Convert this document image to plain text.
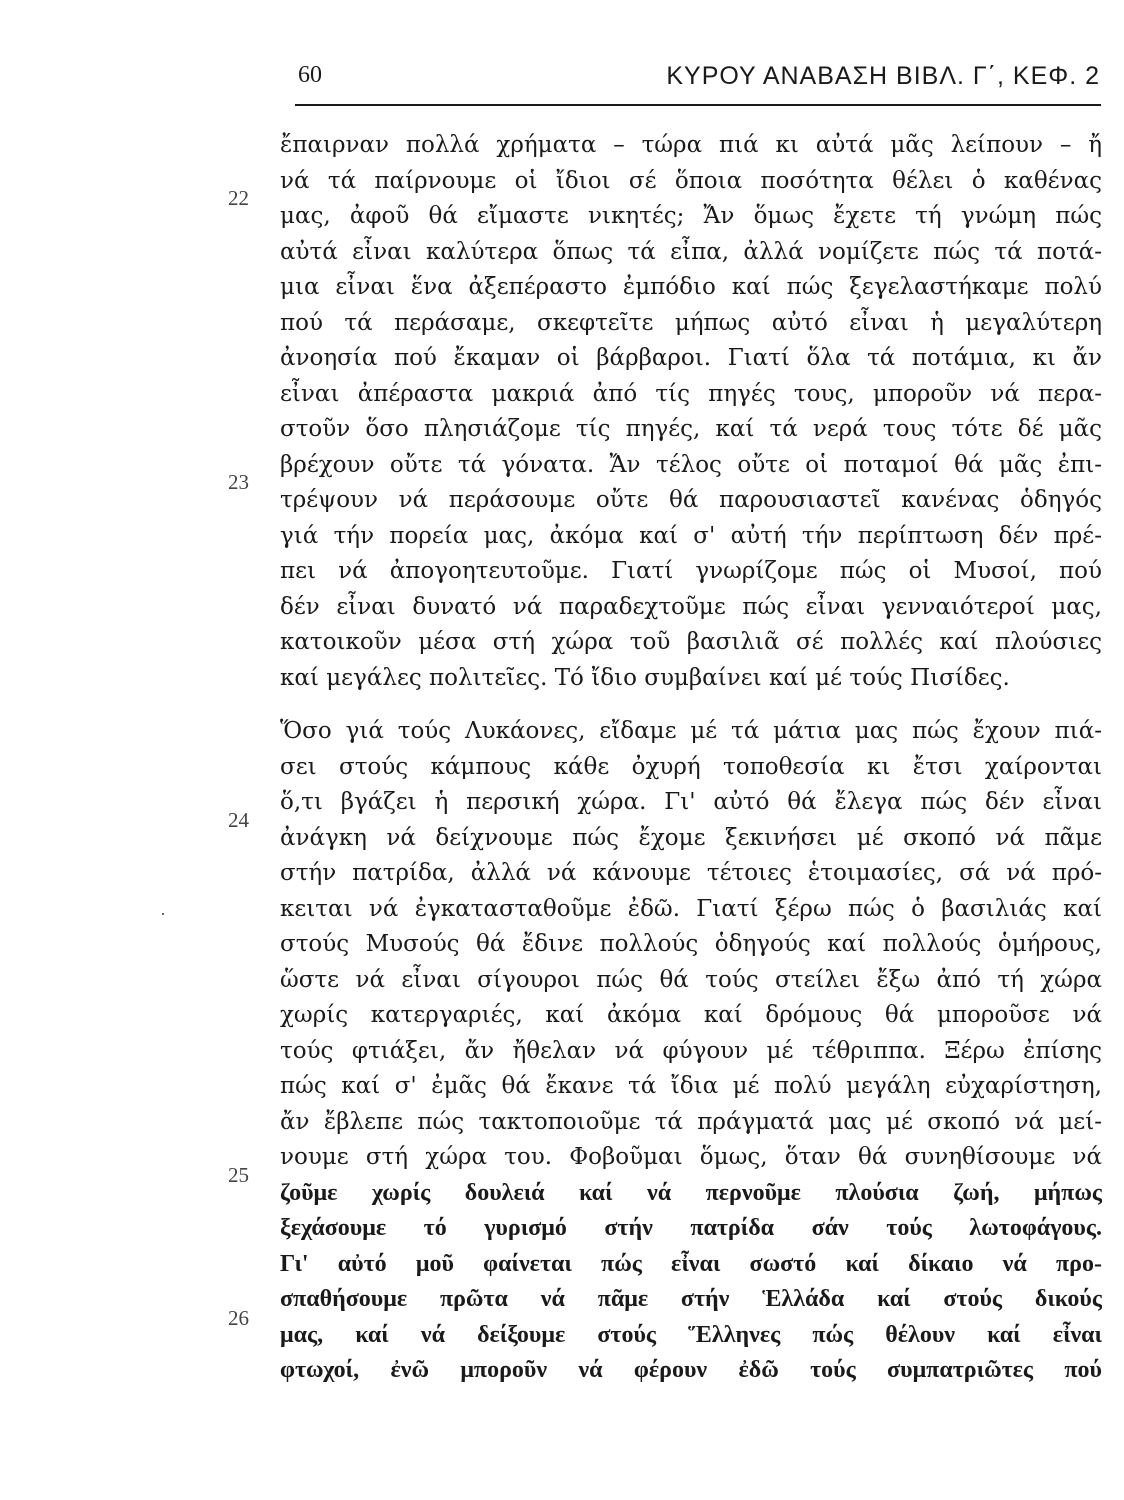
60	ΚΥΡΟΥ ΑΝΑΒΑΣΗ ΒΙΒΛ. Γ΄, ΚΕΦ. 2
22
23
24
25
26
ἔπαιρναν πολλά χρήματα – τώρα πιά κι αὐτά μᾶς λείπουν – ἤ
νά τά παίρνουμε οἱ ἴδιοι σέ ὅποια ποσότητα θέλει ὁ καθένας
μας, ἀφοῦ θά εἴμαστε νικητές; Ἄν ὅμως ἔχετε τή γνώμη πώς
αὐτά εἶναι καλύτερα ὅπως τά εἶπα, ἀλλά νομίζετε πώς τά ποτά-
μια εἶναι ἕνα ἀξεπέραστο ἐμπόδιο καί πώς ξεγελαστήκαμε πολύ
πού τά περάσαμε, σκεφτεῖτε μήπως αὐτό εἶναι ἡ μεγαλύτερη
ἀνοησία πού ἔκαμαν οἱ βάρβαροι. Γιατί ὅλα τά ποτάμια, κι ἄν
εἶναι ἀπέραστα μακριά ἀπό τίς πηγές τους, μποροῦν νά περα-
στοῦν ὅσο πλησιάζομε τίς πηγές, καί τά νερά τους τότε δέ μᾶς
βρέχουν οὔτε τά γόνατα. Ἄν τέλος οὔτε οἱ ποταμοί θά μᾶς ἐπι-
τρέψουν νά περάσουμε οὔτε θά παρουσιαστεῖ κανένας ὁδηγός
γιά τήν πορεία μας, ἀκόμα καί σ' αὐτή τήν περίπτωση δέν πρέ-
πει νά ἀπογοητευτοῦμε. Γιατί γνωρίζομε πώς οἱ Μυσοί, πού
δέν εἶναι δυνατό νά παραδεχτοῦμε πώς εἶναι γενναιότεροί μας,
κατοικοῦν μέσα στή χώρα τοῦ βασιλιᾶ σέ πολλές καί πλούσιες
καί μεγάλες πολιτεῖες. Τό ἴδιο συμβαίνει καί μέ τούς Πισίδες.
Ὅσο γιά τούς Λυκάονες, εἴδαμε μέ τά μάτια μας πώς ἔχουν πιά-
σει στούς κάμπους κάθε ὀχυρή τοποθεσία κι ἔτσι χαίρονται
ὅ,τι βγάζει ἡ περσική χώρα. Γι' αὐτό θά ἔλεγα πώς δέν εἶναι
ἀνάγκη νά δείχνουμε πώς ἔχομε ξεκινήσει μέ σκοπό νά πᾶμε
στήν πατρίδα, ἀλλά νά κάνουμε τέτοιες ἑτοιμασίες, σά νά πρό-
κειται νά ἐγκατασταθοῦμε ἐδῶ. Γιατί ξέρω πώς ὁ βασιλιάς καί
στούς Μυσούς θά ἔδινε πολλούς ὁδηγούς καί πολλούς ὁμήρους,
ὥστε νά εἶναι σίγουροι πώς θά τούς στείλει ἔξω ἀπό τή χώρα
χωρίς κατεργαριές, καί ἀκόμα καί δρόμους θά μποροῦσε νά
τούς φτιάξει, ἄν ἤθελαν νά φύγουν μέ τέθριππα. Ξέρω ἐπίσης
πώς καί σ' ἐμᾶς θά ἔκανε τά ἴδια μέ πολύ μεγάλη εὐχαρίστηση,
ἄν ἔβλεπε πώς τακτοποιοῦμε τά πράγματά μας μέ σκοπό νά μεί-
νουμε στή χώρα του. Φοβοῦμαι ὅμως, ὅταν θά συνηθίσουμε νά
ζοῦμε χωρίς δουλειά καί νά περνοῦμε πλούσια ζωή, μήπως
ξεχάσουμε τό γυρισμό στήν πατρίδα σάν τούς λωτοφάγους.
Γι' αὐτό μοῦ φαίνεται πώς εἶναι σωστό καί δίκαιο νά προ-
σπαθήσουμε πρῶτα νά πᾶμε στήν Ἑλλάδα καί στούς δικούς
μας, καί νά δείξουμε στούς Ἕλληνες πώς θέλουν καί εἶναι
φτωχοί, ἐνῶ μποροῦν νά φέρουν ἐδῶ τούς συμπατριῶτες πού
